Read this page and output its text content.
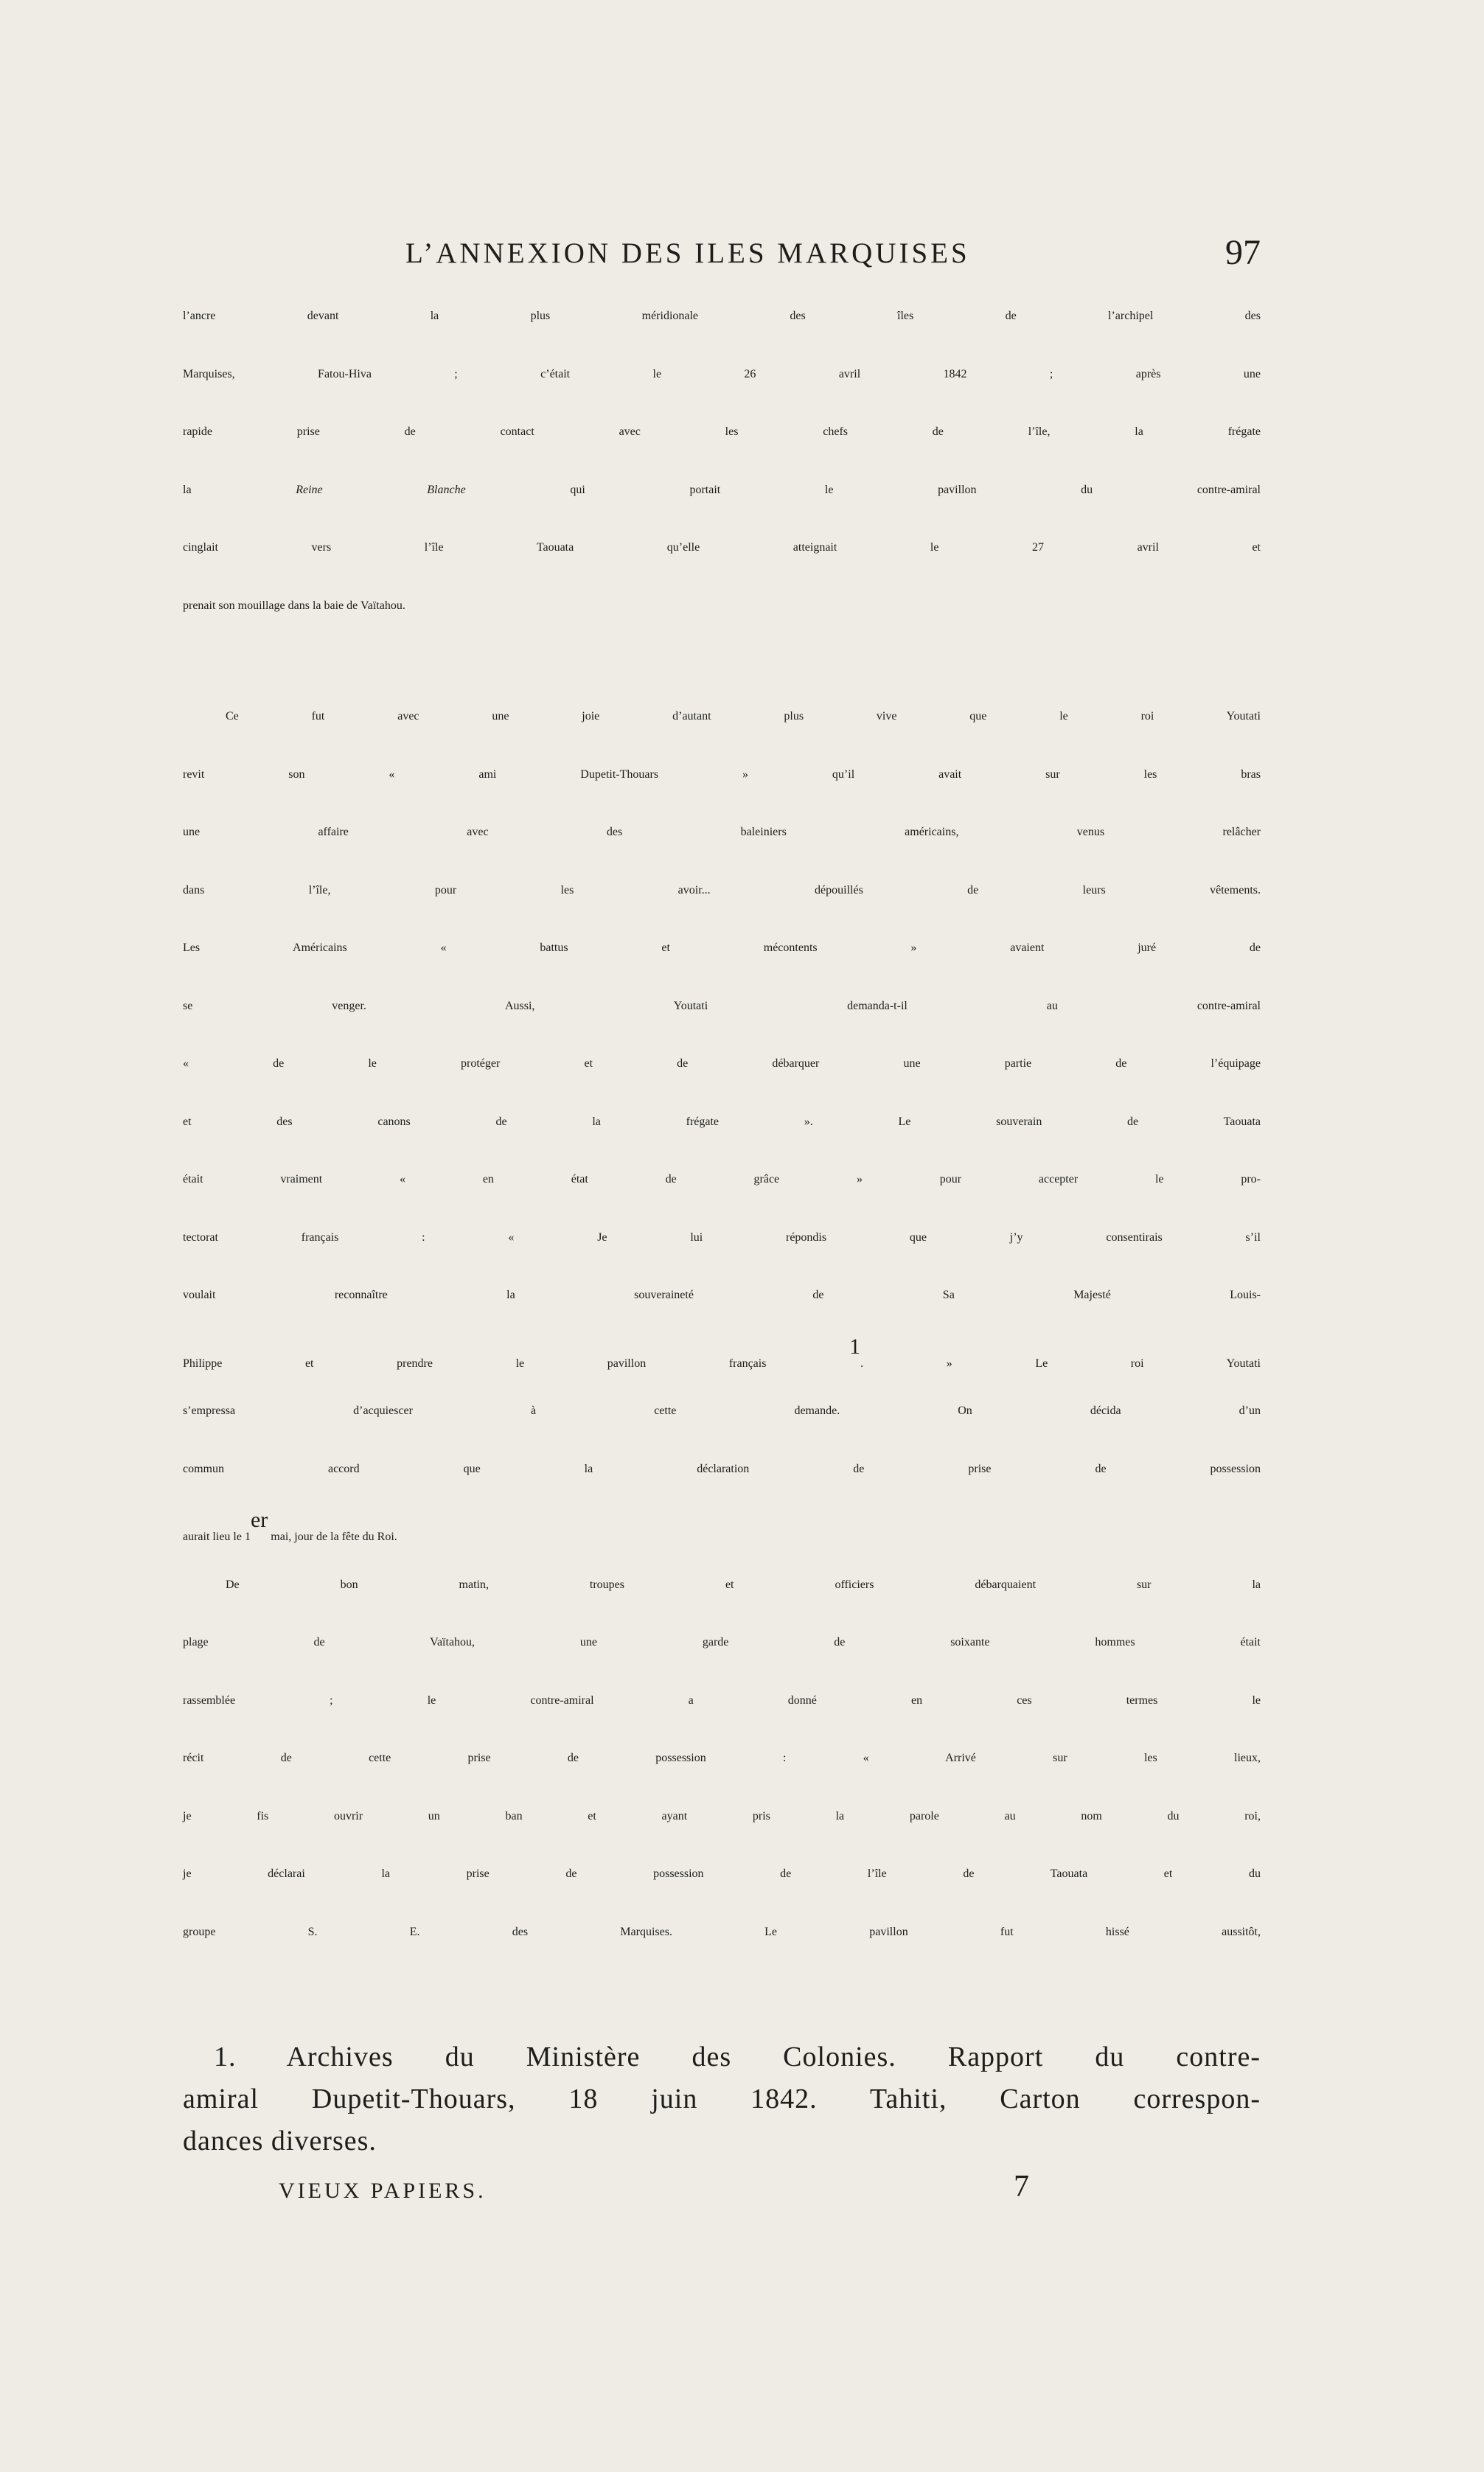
L’ANNEXION DES ILES MARQUISES	97
l’ancre devant la plus méridionale des îles de l’archipel des
Marquises, Fatou-Hiva ; c’était le 26 avril 1842 ; après une
rapide prise de contact avec les chefs de l’île, la frégate
la Reine Blanche qui portait le pavillon du contre-amiral
cinglait vers l’île Taouata qu’elle atteignait le 27 avril et
prenait son mouillage dans la baie de Vaïtahou.
Ce fut avec une joie d’autant plus vive que le roi Youtati
revit son « ami Dupetit-Thouars » qu’il avait sur les bras
une affaire avec des baleiniers américains, venus relâcher
dans l’île, pour les avoir... dépouillés de leurs vêtements.
Les Américains « battus et mécontents » avaient juré de
se venger. Aussi, Youtati demanda-t-il au contre-amiral
« de le protéger et de débarquer une partie de l’équipage
et des canons de la frégate ». Le souverain de Taouata
était vraiment « en état de grâce » pour accepter le pro-
tectorat français : « Je lui répondis que j’y consentirais s’il
voulait reconnaître la souveraineté de Sa Majesté Louis-
Philippe et prendre le pavillon français $^1$. » Le roi Youtati
s’empressa d’acquiescer à cette demande. On décida d’un
commun accord que la déclaration de prise de possession
aurait lieu le 1er mai, jour de la fête du Roi.
De bon matin, troupes et officiers débarquaient sur la
plage de Vaïtahou, une garde de soixante hommes était
rassemblée ; le contre-amiral a donné en ces termes le
récit de cette prise de possession : « Arrivé sur les lieux,
je fis ouvrir un ban et ayant pris la parole au nom du roi,
je déclarai la prise de possession de l’île de Taouata et du
groupe S. E. des Marquises. Le pavillon fut hissé aussitôt,
1. Archives du Ministère des Colonies. Rapport du contre-
amiral Dupetit-Thouars, 18 juin 1842. Tahiti, Carton correspon-
dances diverses.
VIEUX PAPIERS.	7
